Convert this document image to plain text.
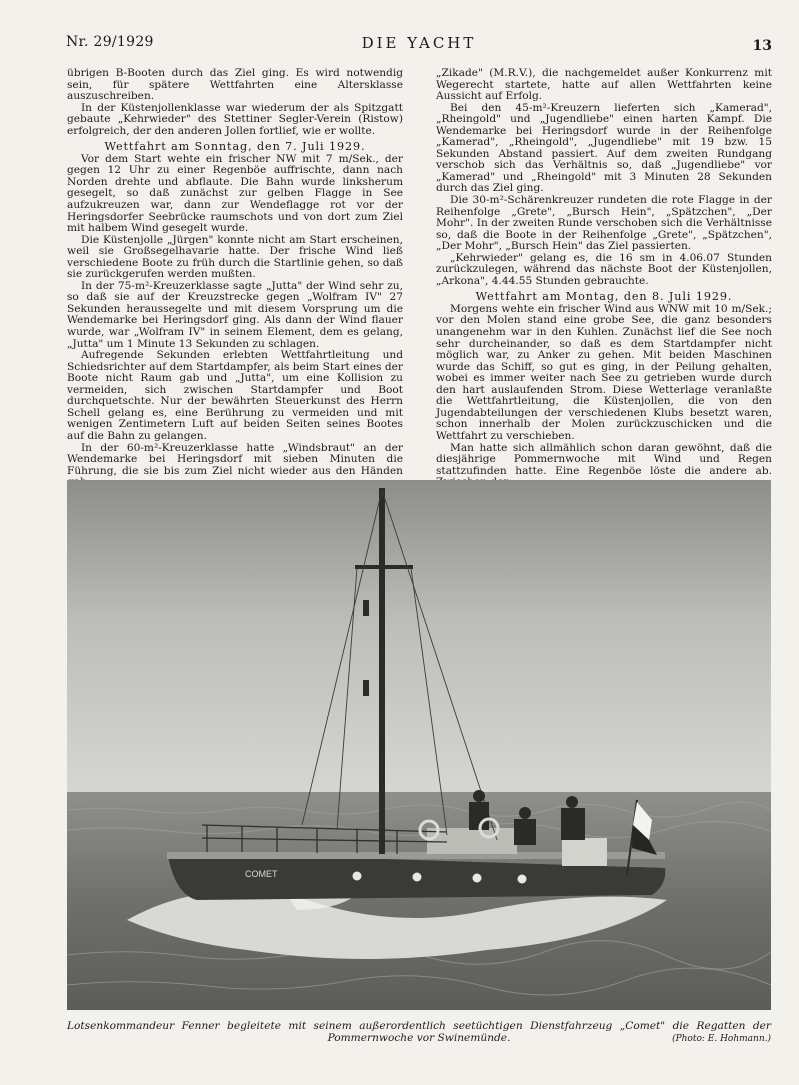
Nr. 29/1929	DIE YACHT	13

übrigen B-Booten durch das Ziel ging. Es wird notwendig sein, für spätere Wettfahrten eine Altersklasse auszuschreiben.

In der Küstenjollenklasse war wiederum der als Spitzgatt gebaute „Kehrwieder" des Stettiner Segler-Verein (Ristow) erfolgreich, der den anderen Jollen fortlief, wie er wollte.

Wettfahrt am Sonntag, den 7. Juli 1929.

Vor dem Start wehte ein frischer NW mit 7 m/Sek., der gegen 12 Uhr zu einer Regenböe auffrischte, dann nach Norden drehte und abflaute. Die Bahn wurde linksherum gesegelt, so daß zunächst zur gelben Flagge in See aufzukreuzen war, dann zur Wendeflagge rot vor der Heringsdorfer Seebrücke raumschots und von dort zum Ziel mit halbem Wind gesegelt wurde.

Die Küstenjolle „Jürgen" konnte nicht am Start erscheinen, weil sie Großsegelhavarie hatte. Der frische Wind ließ verschiedene Boote zu früh durch die Startlinie gehen, so daß sie zurückgerufen werden mußten.

In der 75-m²-Kreuzerklasse sagte „Jutta" der Wind sehr zu, so daß sie auf der Kreuzstrecke gegen „Wolfram IV" 27 Sekunden heraussegelte und mit diesem Vorsprung um die Wendemarke bei Heringsdorf ging. Als dann der Wind flauer wurde, war „Wolfram IV" in seinem Element, dem es gelang, „Jutta" um 1 Minute 13 Sekunden zu schlagen.

Aufregende Sekunden erlebten Wettfahrtleitung und Schiedsrichter auf dem Startdampfer, als beim Start eines der Boote nicht Raum gab und „Jutta", um eine Kollision zu vermeiden, sich zwischen Startdampfer und Boot durchquetschte. Nur der bewährten Steuerkunst des Herrn Schell gelang es, eine Berührung zu vermeiden und mit wenigen Zentimetern Luft auf beiden Seiten seines Bootes auf die Bahn zu gelangen.

In der 60-m²-Kreuzerklasse hatte „Windsbraut" an der Wendemarke bei Heringsdorf mit sieben Minuten die Führung, die sie bis zum Ziel nicht wieder aus den Händen

„Zikade" (M.R.V.), die nachgemeldet außer Konkurrenz mit Wegerecht startete, hatte auf allen Wettfahrten keine Aussicht auf Erfolg.

Bei den 45-m²-Kreuzern lieferten sich „Kamerad", „Rheingold" und „Jugendliebe" einen harten Kampf. Die Wendemarke bei Heringsdorf wurde in der Reihenfolge „Kamerad", „Rheingold", „Jugendliebe" mit 19 bzw. 15 Sekunden Abstand passiert. Auf dem zweiten Rundgang verschob sich das Verhältnis so, daß „Jugendliebe" vor „Kamerad" und „Rheingold" mit 3 Minuten 28 Sekunden durch das Ziel ging.

Die 30-m²-Schärenkreuzer rundeten die rote Flagge in der Reihenfolge „Grete", „Bursch Hein", „Spätzchen", „Der Mohr". In der zweiten Runde verschoben sich die Verhältnisse so, daß die Boote in der Reihenfolge „Grete", „Spätzchen", „Der Mohr", „Bursch Hein" das Ziel passierten.

„Kehrwieder" gelang es, die 16 sm in 4.06.07 Stunden zurückzulegen, während das nächste Boot der Küstenjollen, „Arkona", 4.44.55 Stunden gebrauchte.

Wettfahrt am Montag, den 8. Juli 1929.

Morgens wehte ein frischer Wind aus WNW mit 10 m/Sek.; vor den Molen stand eine grobe See, die ganz besonders unangenehm war in den Kuhlen. Zunächst lief die See noch sehr durcheinander, so daß es dem Startdampfer nicht möglich war, zu Anker zu gehen. Mit beiden Maschinen wurde das Schiff, so gut es ging, in der Peilung gehalten, wobei es immer weiter nach See zu getrieben wurde durch den hart auslaufenden Strom. Diese Wetterlage veranlaßte die Wettfahrtleitung, die Küstenjollen, die von den Jugendabteilungen der verschiedenen Klubs besetzt waren, schon innerhalb der Molen zurückzuschicken und die Wettfahrt zu verschieben.

Man hatte sich allmählich schon daran gewöhnt, daß die diesjährige Pommernwoche mit Wind und Regen stattzufinden hatte. Eine Regenböe löste die andere ab.

COMET
Lotsenkommandeur Fenner begleitete mit seinem außerordentlich seetüchtigen Dienstfahrzeug „Comet" die Regatten der
Pommernwoche vor Swinemünde.	(Photo: E. Hohmann.)
